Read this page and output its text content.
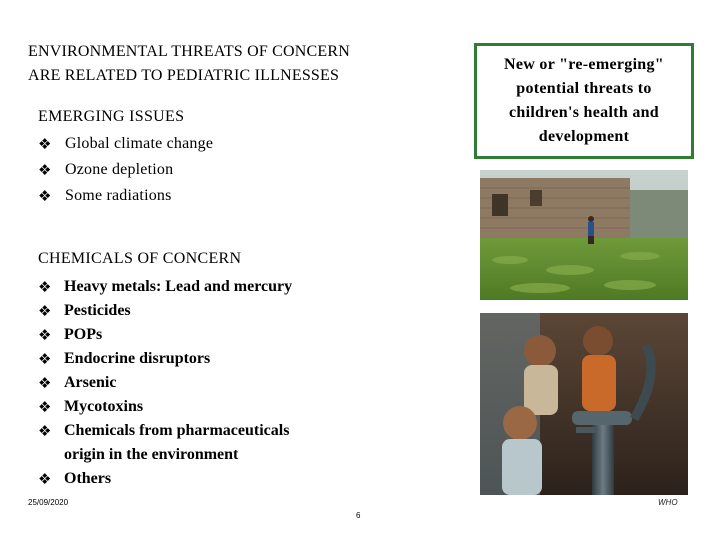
ENVIRONMENTAL THREATS OF CONCERN
ARE RELATED TO PEDIATRIC ILLNESSES
New or "re-emerging" potential threats to children's health and development
EMERGING ISSUES
❖ Global climate change
❖ Ozone depletion
❖ Some radiations
CHEMICALS OF CONCERN
❖ Heavy metals: Lead and mercury
❖ Pesticides
❖ POPs
❖ Endocrine disruptors
❖ Arsenic
❖ Mycotoxins
❖ Chemicals from pharmaceuticals
origin in the environment
❖ Others
WHO
25/09/2020
6
